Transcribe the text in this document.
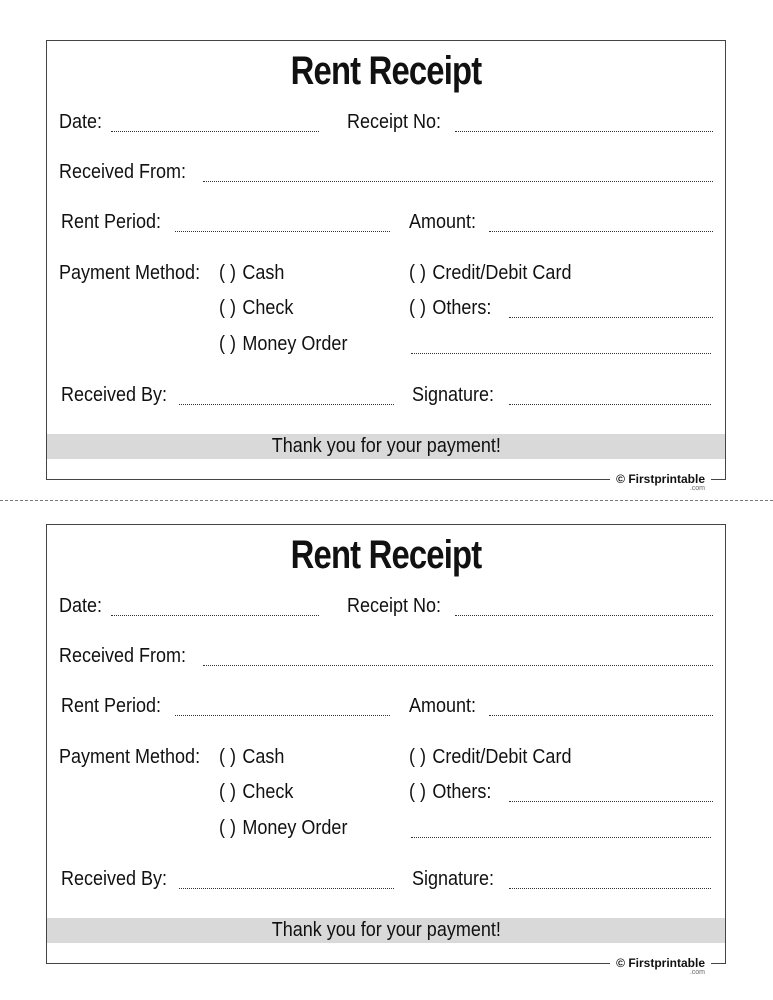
Rent Receipt
Date:	Receipt No:
Received From:
Rent Period:	Amount:
Payment Method: ( ) Cash
( ) Check
( ) Money Order
( ) Credit/Debit Card
( ) Others:
Received By:	Signature:
Thank you for your payment!
© Firstprintable
.com
Rent Receipt
Date:	Receipt No:
Received From:
Rent Period:	Amount:
Payment Method: ( ) Cash
( ) Check
( ) Money Order
( ) Credit/Debit Card
( ) Others:
Received By:	Signature:
Thank you for your payment!
© Firstprintable
.com
